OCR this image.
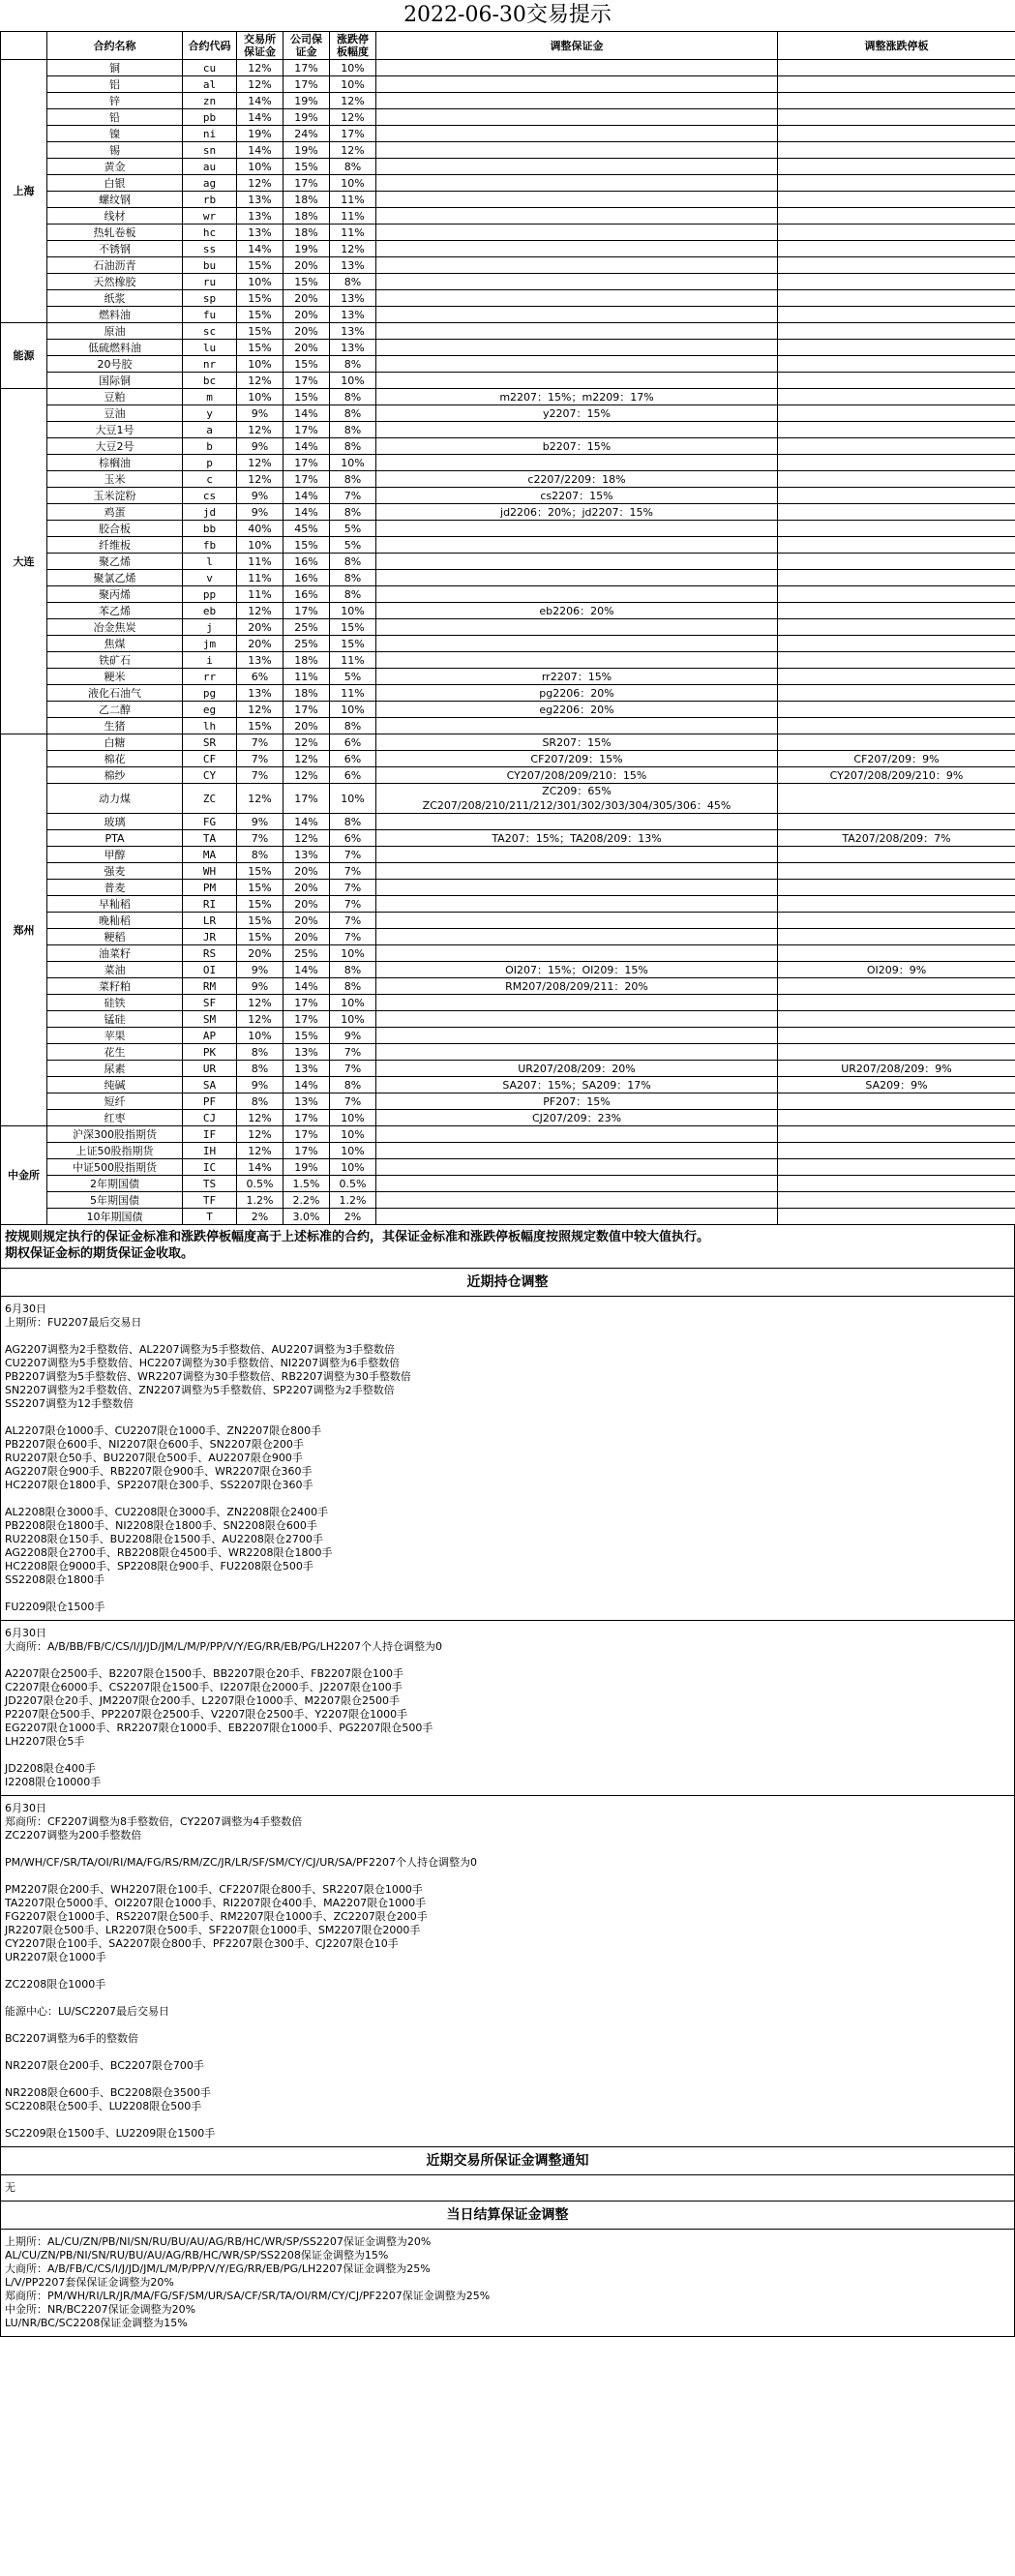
2022-06-30交易提示
	合约名称	合约代码	交易所保证金	公司保证金	涨跌停板幅度	调整保证金	调整涨跌停板
上海	铜	cu	12%	17%	10%		
	铝	al	12%	17%	10%		
	锌	zn	14%	19%	12%		
	铅	pb	14%	19%	12%		
	镍	ni	19%	24%	17%		
	锡	sn	14%	19%	12%		
	黄金	au	10%	15%	8%		
	白银	ag	12%	17%	10%		
	螺纹钢	rb	13%	18%	11%		
	线材	wr	13%	18%	11%		
	热轧卷板	hc	13%	18%	11%		
	不锈钢	ss	14%	19%	12%		
	石油沥青	bu	15%	20%	13%		
	天然橡胶	ru	10%	15%	8%		
	纸浆	sp	15%	20%	13%		
	燃料油	fu	15%	20%	13%		
能源	原油	sc	15%	20%	13%		
	低硫燃料油	lu	15%	20%	13%		
	20号胶	nr	10%	15%	8%		
	国际铜	bc	12%	17%	10%		
大连	豆粕	m	10%	15%	8%	m2207：15%；m2209：17%	
	豆油	y	9%	14%	8%	y2207：15%	
	大豆1号	a	12%	17%	8%		
	大豆2号	b	9%	14%	8%	b2207：15%	
	棕榈油	p	12%	17%	10%		
	玉米	c	12%	17%	8%	c2207/2209：18%	
	玉米淀粉	cs	9%	14%	7%	cs2207：15%	
	鸡蛋	jd	9%	14%	8%	jd2206：20%；jd2207：15%	
	胶合板	bb	40%	45%	5%		
	纤维板	fb	10%	15%	5%		
	聚乙烯	l	11%	16%	8%		
	聚氯乙烯	v	11%	16%	8%		
	聚丙烯	pp	11%	16%	8%		
	苯乙烯	eb	12%	17%	10%	eb2206：20%	
	冶金焦炭	j	20%	25%	15%		
	焦煤	jm	20%	25%	15%		
	铁矿石	i	13%	18%	11%		
	粳米	rr	6%	11%	5%	rr2207：15%	
	液化石油气	pg	13%	18%	11%	pg2206：20%	
	乙二醇	eg	12%	17%	10%	eg2206：20%	
	生猪	lh	15%	20%	8%		
郑州	白糖	SR	7%	12%	6%	SR207：15%	
	棉花	CF	7%	12%	6%	CF207/209：15%	CF207/209：9%
	棉纱	CY	7%	12%	6%	CY207/208/209/210：15%	CY207/208/209/210：9%
	动力煤	ZC	12%	17%	10%	ZC209：65%
ZC207/208/210/211/212/301/302/303/304/305/306：45%	

	玻璃	FG	9%	14%	8%		
	PTA	TA	7%	12%	6%	TA207：15%；TA208/209：13%	TA207/208/209：7%
	甲醇	MA	8%	13%	7%		
	强麦	WH	15%	20%	7%		
	普麦	PM	15%	20%	7%		
	早籼稻	RI	15%	20%	7%		
	晚籼稻	LR	15%	20%	7%		
	粳稻	JR	15%	20%	7%		
	油菜籽	RS	20%	25%	10%		
	菜油	OI	9%	14%	8%	OI207：15%；OI209：15%	OI209：9%
	菜籽粕	RM	9%	14%	8%	RM207/208/209/211：20%	
	硅铁	SF	12%	17%	10%		
	锰硅	SM	12%	17%	10%		
	苹果	AP	10%	15%	9%		
	花生	PK	8%	13%	7%		
	尿素	UR	8%	13%	7%	UR207/208/209：20%	UR207/208/209：9%
	纯碱	SA	9%	14%	8%	SA207：15%；SA209：17%	SA209：9%
	短纤	PF	8%	13%	7%	PF207：15%	
	红枣	CJ	12%	17%	10%	CJ207/209：23%	
中金所	沪深300股指期货	IF	12%	17%	10%		
	上证50股指期货	IH	12%	17%	10%		
	中证500股指期货	IC	14%	19%	10%		
	2年期国债	TS	0.5%	1.5%	0.5%		
	5年期国债	TF	1.2%	2.2%	1.2%		
	10年期国债	T	2%	3.0%	2%		
按规则规定执行的保证金标准和涨跌停板幅度高于上述标准的合约，其保证金标准和涨跌停板幅度按照规定数值中较大值执行。
期权保证金标的期货保证金收取。
近期持仓调整
6月30日
上期所：FU2207最后交易日
AG2207调整为2手整数倍、AL2207调整为5手整数倍、AU2207调整为3手整数倍
CU2207调整为5手整数倍、HC2207调整为30手整数倍、NI2207调整为6手整数倍
PB2207调整为5手整数倍、WR2207调整为30手整数倍、RB2207调整为30手整数倍
SN2207调整为2手整数倍、ZN2207调整为5手整数倍、SP2207调整为2手整数倍
SS2207调整为12手整数倍
AL2207限仓1000手、CU2207限仓1000手、ZN2207限仓800手
PB2207限仓600手、NI2207限仓600手、SN2207限仓200手
RU2207限仓50手、BU2207限仓500手、AU2207限仓900手
AG2207限仓900手、RB2207限仓900手、WR2207限仓360手
HC2207限仓1800手、SP2207限仓300手、SS2207限仓360手
AL2208限仓3000手、CU2208限仓3000手、ZN2208限仓2400手
PB2208限仓1800手、NI2208限仓1800手、SN2208限仓600手
RU2208限仓150手、BU2208限仓1500手、AU2208限仓2700手
AG2208限仓2700手、RB2208限仓4500手、WR2208限仓1800手
HC2208限仓9000手、SP2208限仓900手、FU2208限仓500手
SS2208限仓1800手
FU2209限仓1500手
6月30日
大商所：A/B/BB/FB/C/CS/I/J/JD/JM/L/M/P/PP/V/Y/EG/RR/EB/PG/LH2207个人持仓调整为0
A2207限仓2500手、B2207限仓1500手、BB2207限仓20手、FB2207限仓100手
C2207限仓6000手、CS2207限仓1500手、I2207限仓2000手、J2207限仓100手
JD2207限仓20手、JM2207限仓200手、L2207限仓1000手、M2207限仓2500手
P2207限仓500手、PP2207限仓2500手、V2207限仓2500手、Y2207限仓1000手
EG2207限仓1000手、RR2207限仓1000手、EB2207限仓1000手、PG2207限仓500手
LH2207限仓5手
JD2208限仓400手
I2208限仓10000手
6月30日
郑商所：CF2207调整为8手整数倍，CY2207调整为4手整数倍
ZC2207调整为200手整数倍
PM/WH/CF/SR/TA/OI/RI/MA/FG/RS/RM/ZC/JR/LR/SF/SM/CY/CJ/UR/SA/PF2207个人持仓调整为0
PM2207限仓200手、WH2207限仓100手、CF2207限仓800手、SR2207限仓1000手
TA2207限仓5000手、OI2207限仓1000手、RI2207限仓400手、MA2207限仓1000手
FG2207限仓1000手、RS2207限仓500手、RM2207限仓1000手、ZC2207限仓200手
JR2207限仓500手、LR2207限仓500手、SF2207限仓1000手、SM2207限仓2000手
CY2207限仓100手、SA2207限仓800手、PF2207限仓300手、CJ2207限仓10手
UR2207限仓1000手
ZC2208限仓1000手
能源中心：LU/SC2207最后交易日
BC2207调整为6手的整数倍
NR2207限仓200手、BC2207限仓700手
NR2208限仓600手、BC2208限仓3500手
SC2208限仓500手、LU2208限仓500手
SC2209限仓1500手、LU2209限仓1500手
近期交易所保证金调整通知
无
当日结算保证金调整
上期所：AL/CU/ZN/PB/NI/SN/RU/BU/AU/AG/RB/HC/WR/SP/SS2207保证金调整为20%
AL/CU/ZN/PB/NI/SN/RU/BU/AU/AG/RB/HC/WR/SP/SS2208保证金调整为15%
大商所：A/B/FB/C/CS/I/J/JD/JM/L/M/P/PP/V/Y/EG/RR/EB/PG/LH2207保证金调整为25%
L/V/PP2207套保保证金调整为20%
郑商所：PM/WH/RI/LR/JR/MA/FG/SF/SM/UR/SA/CF/SR/TA/OI/RM/CY/CJ/PF2207保证金调整为25%
中金所：NR/BC2207保证金调整为20%
LU/NR/BC/SC2208保证金调整为15%
